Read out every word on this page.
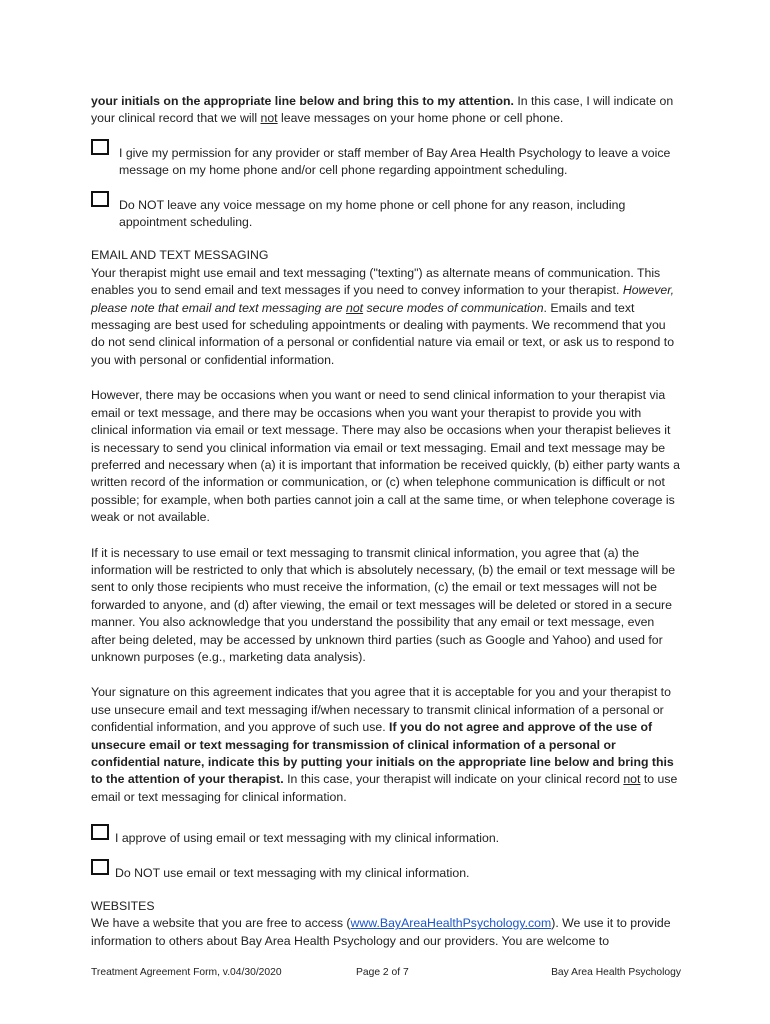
your initials on the appropriate line below and bring this to my attention. In this case, I will indicate on your clinical record that we will not leave messages on your home phone or cell phone.

I give my permission for any provider or staff member of Bay Area Health Psychology to leave a voice message on my home phone and/or cell phone regarding appointment scheduling.

Do NOT leave any voice message on my home phone or cell phone for any reason, including appointment scheduling.

EMAIL AND TEXT MESSAGING

Your therapist might use email and text messaging ("texting") as alternate means of communication. This enables you to send email and text messages if you need to convey information to your therapist. However, please note that email and text messaging are not secure modes of communication. Emails and text messaging are best used for scheduling appointments or dealing with payments. We recommend that you do not send clinical information of a personal or confidential nature via email or text, or ask us to respond to you with personal or confidential information.

However, there may be occasions when you want or need to send clinical information to your therapist via email or text message, and there may be occasions when you want your therapist to provide you with clinical information via email or text message. There may also be occasions when your therapist believes it is necessary to send you clinical information via email or text messaging. Email and text message may be preferred and necessary when (a) it is important that information be received quickly, (b) either party wants a written record of the information or communication, or (c) when telephone communication is difficult or not possible; for example, when both parties cannot join a call at the same time, or when telephone coverage is weak or not available.

If it is necessary to use email or text messaging to transmit clinical information, you agree that (a) the information will be restricted to only that which is absolutely necessary, (b) the email or text message will be sent to only those recipients who must receive the information, (c) the email or text messages will not be forwarded to anyone, and (d) after viewing, the email or text messages will be deleted or stored in a secure manner. You also acknowledge that you understand the possibility that any email or text message, even after being deleted, may be accessed by unknown third parties (such as Google and Yahoo) and used for unknown purposes (e.g., marketing data analysis).

Your signature on this agreement indicates that you agree that it is acceptable for you and your therapist to use unsecure email and text messaging if/when necessary to transmit clinical information of a personal or confidential information, and you approve of such use. If you do not agree and approve of the use of unsecure email or text messaging for transmission of clinical information of a personal or confidential nature, indicate this by putting your initials on the appropriate line below and bring this to the attention of your therapist. In this case, your therapist will indicate on your clinical record not to use email or text messaging for clinical information.

I approve of using email or text messaging with my clinical information.

Do NOT use email or text messaging with my clinical information.

WEBSITES

We have a website that you are free to access (www.BayAreaHealthPsychology.com). We use it to provide information to others about Bay Area Health Psychology and our providers. You are welcome to

Treatment Agreement Form, v.04/30/2020	Page 2 of 7	Bay Area Health Psychology
